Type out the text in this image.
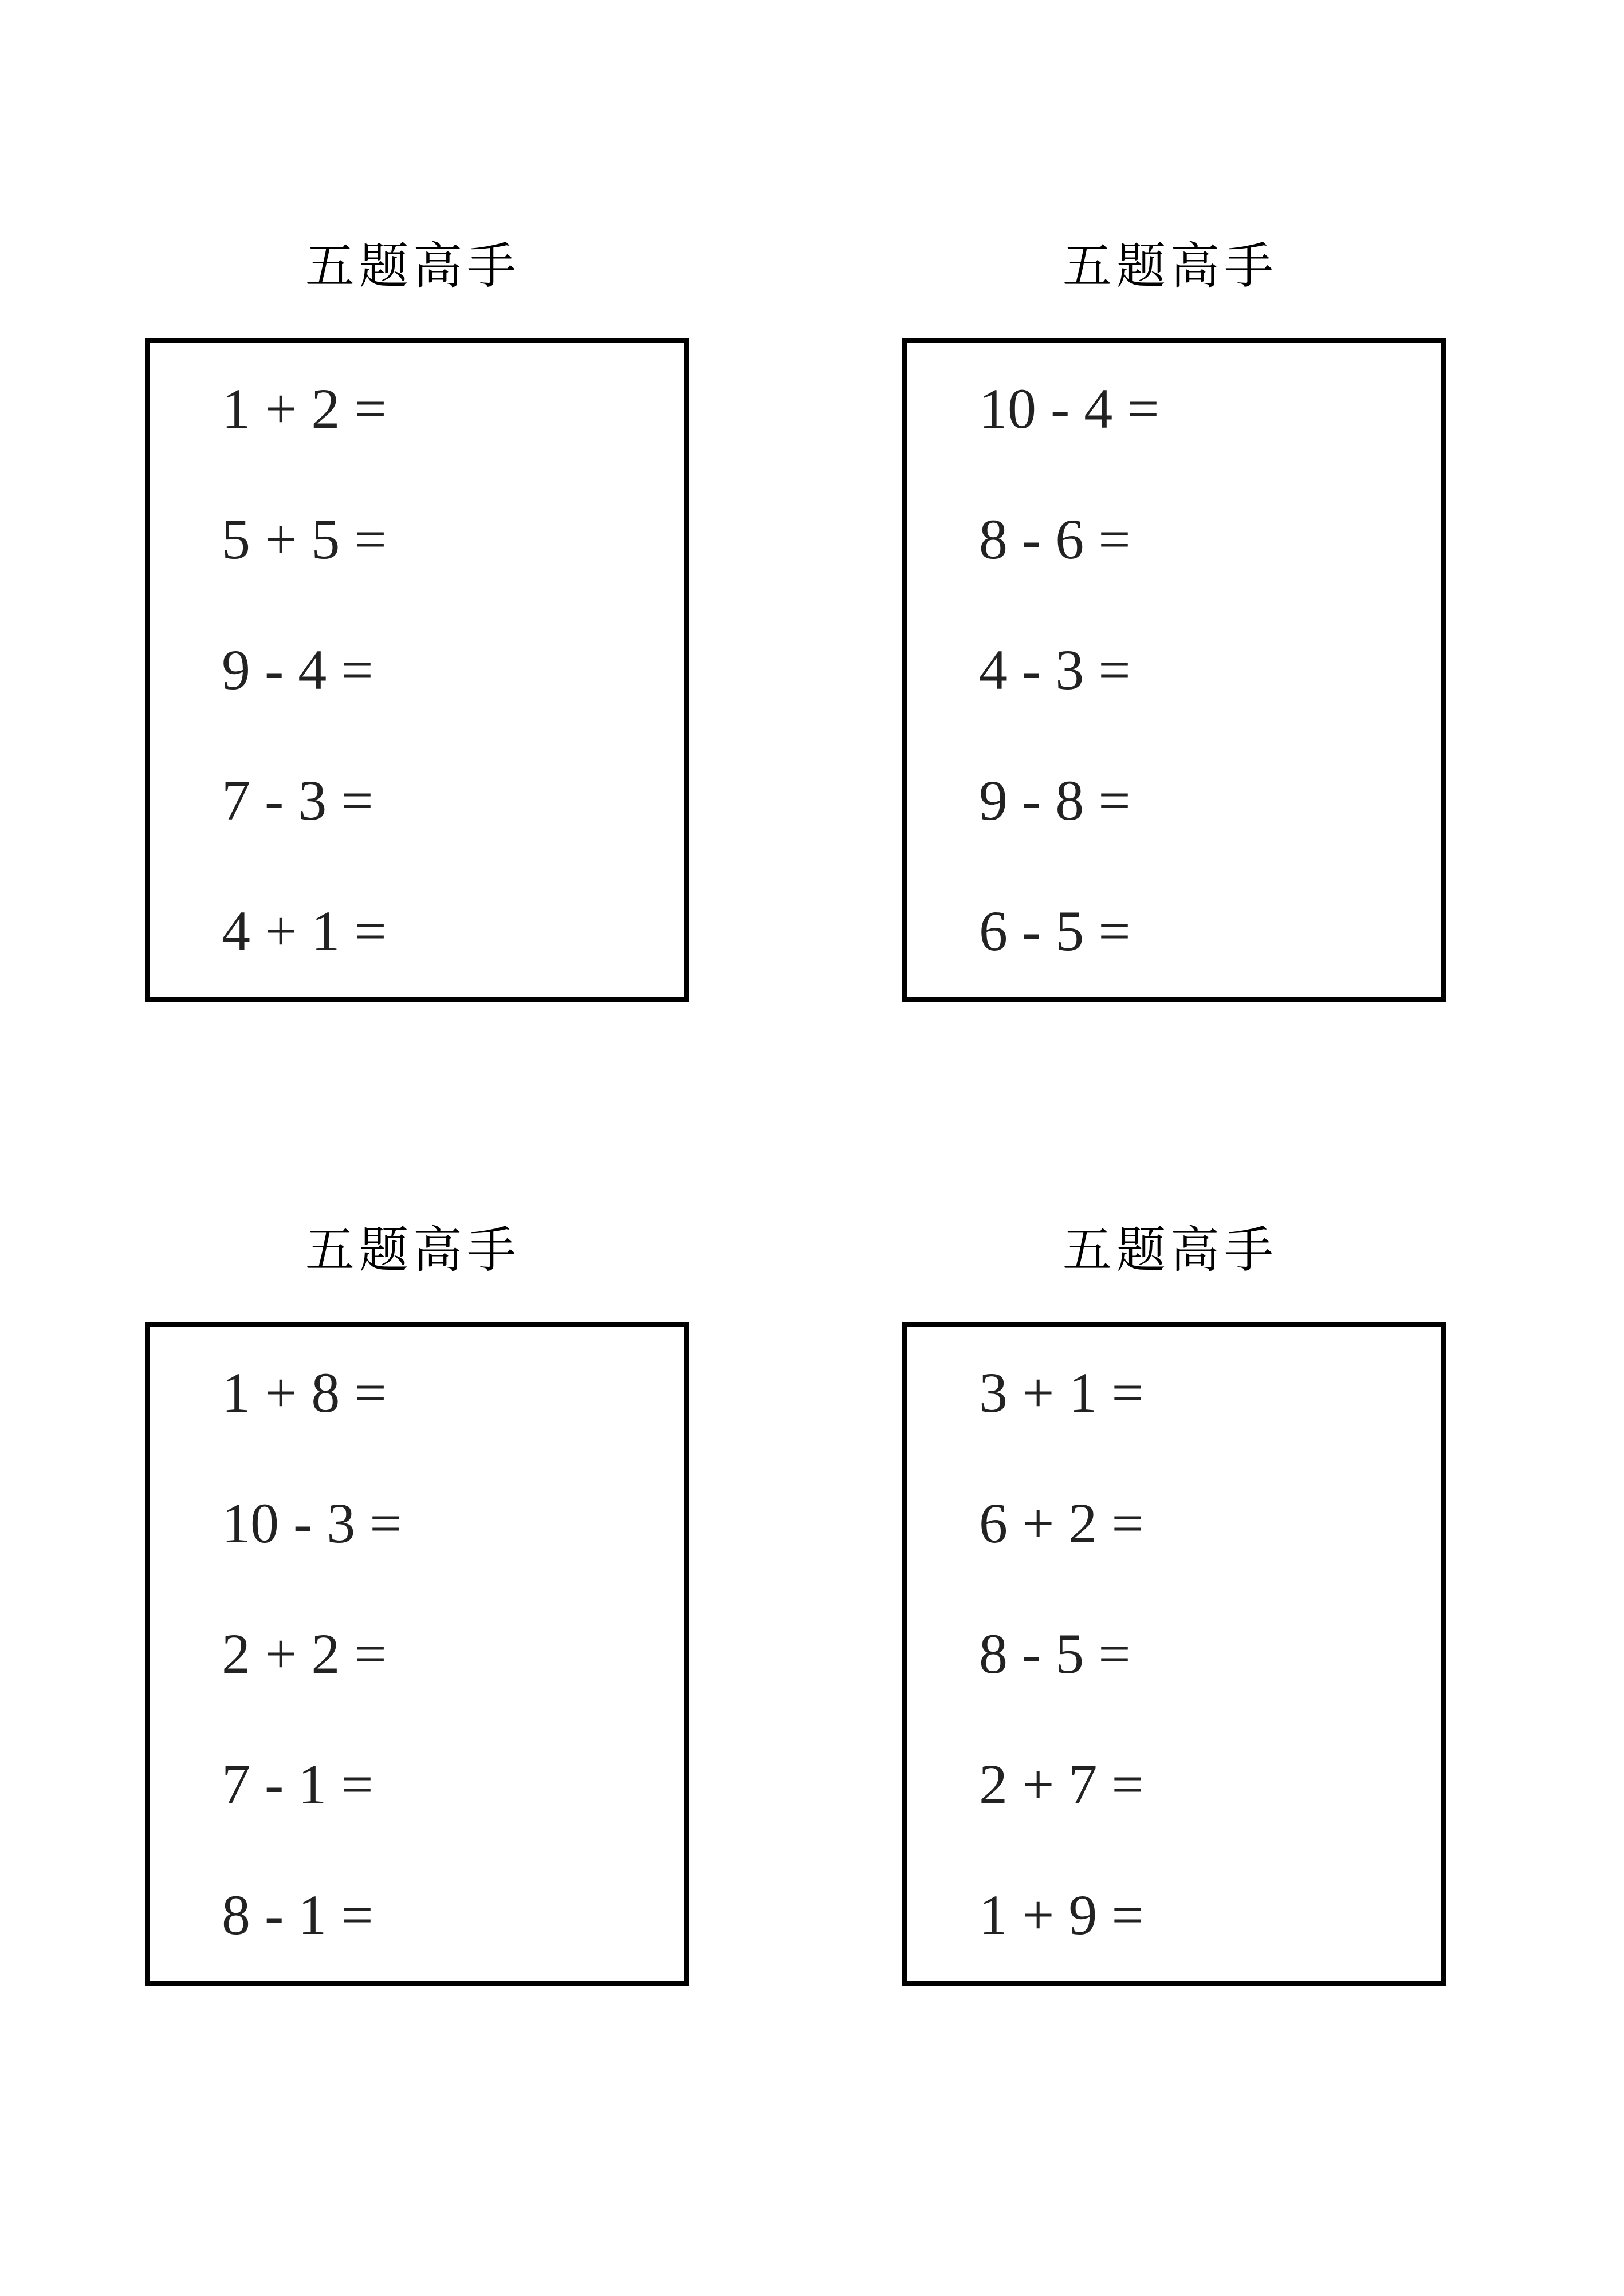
五题高手
1 + 2 =
5 + 5 =
9 - 4 =
7 - 3 =
4 + 1 =
五题高手
10 - 4 =
8 - 6 =
4 - 3 =
9 - 8 =
6 - 5 =
五题高手
1 + 8 =
10 - 3 =
2 + 2 =
7 - 1 =
8 - 1 =
五题高手
3 + 1 =
6 + 2 =
8 - 5 =
2 + 7 =
1 + 9 =
